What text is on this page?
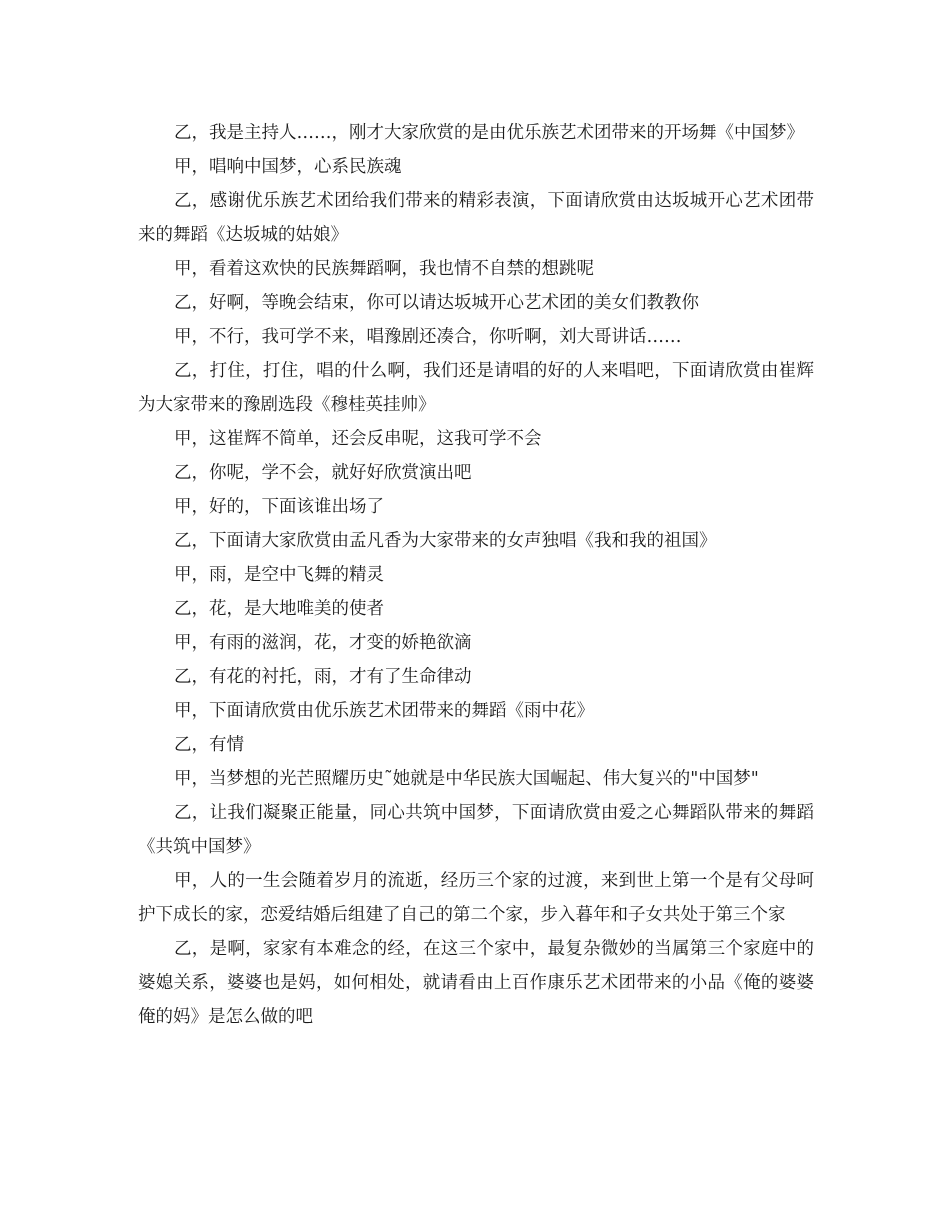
乙，我是主持人……，刚才大家欣赏的是由优乐族艺术团带来的开场舞《中国梦》

甲，唱响中国梦，心系民族魂

乙，感谢优乐族艺术团给我们带来的精彩表演，下面请欣赏由达坂城开心艺术团带来的舞蹈《达坂城的姑娘》

甲，看着这欢快的民族舞蹈啊，我也情不自禁的想跳呢

乙，好啊，等晚会结束，你可以请达坂城开心艺术团的美女们教教你

甲，不行，我可学不来，唱豫剧还凑合，你听啊，刘大哥讲话……

乙，打住，打住，唱的什么啊，我们还是请唱的好的人来唱吧，下面请欣赏由崔辉为大家带来的豫剧选段《穆桂英挂帅》

甲，这崔辉不简单，还会反串呢，这我可学不会

乙，你呢，学不会，就好好欣赏演出吧

甲，好的，下面该谁出场了

乙，下面请大家欣赏由孟凡香为大家带来的女声独唱《我和我的祖国》

甲，雨，是空中飞舞的精灵

乙，花，是大地唯美的使者

甲，有雨的滋润，花，才变的娇艳欲滴

乙，有花的衬托，雨，才有了生命律动

甲，下面请欣赏由优乐族艺术团带来的舞蹈《雨中花》

乙，有情

甲，当梦想的光芒照耀历史˜她就是中华民族大国崛起、伟大复兴的"中国梦"

乙，让我们凝聚正能量，同心共筑中国梦，下面请欣赏由爱之心舞蹈队带来的舞蹈《共筑中国梦》

甲，人的一生会随着岁月的流逝，经历三个家的过渡，来到世上第一个是有父母呵护下成长的家，恋爱结婚后组建了自己的第二个家，步入暮年和子女共处于第三个家

乙，是啊，家家有本难念的经，在这三个家中，最复杂微妙的当属第三个家庭中的婆媳关系，婆婆也是妈，如何相处，就请看由上百作康乐艺术团带来的小品《俺的婆婆俺的妈》是怎么做的吧
